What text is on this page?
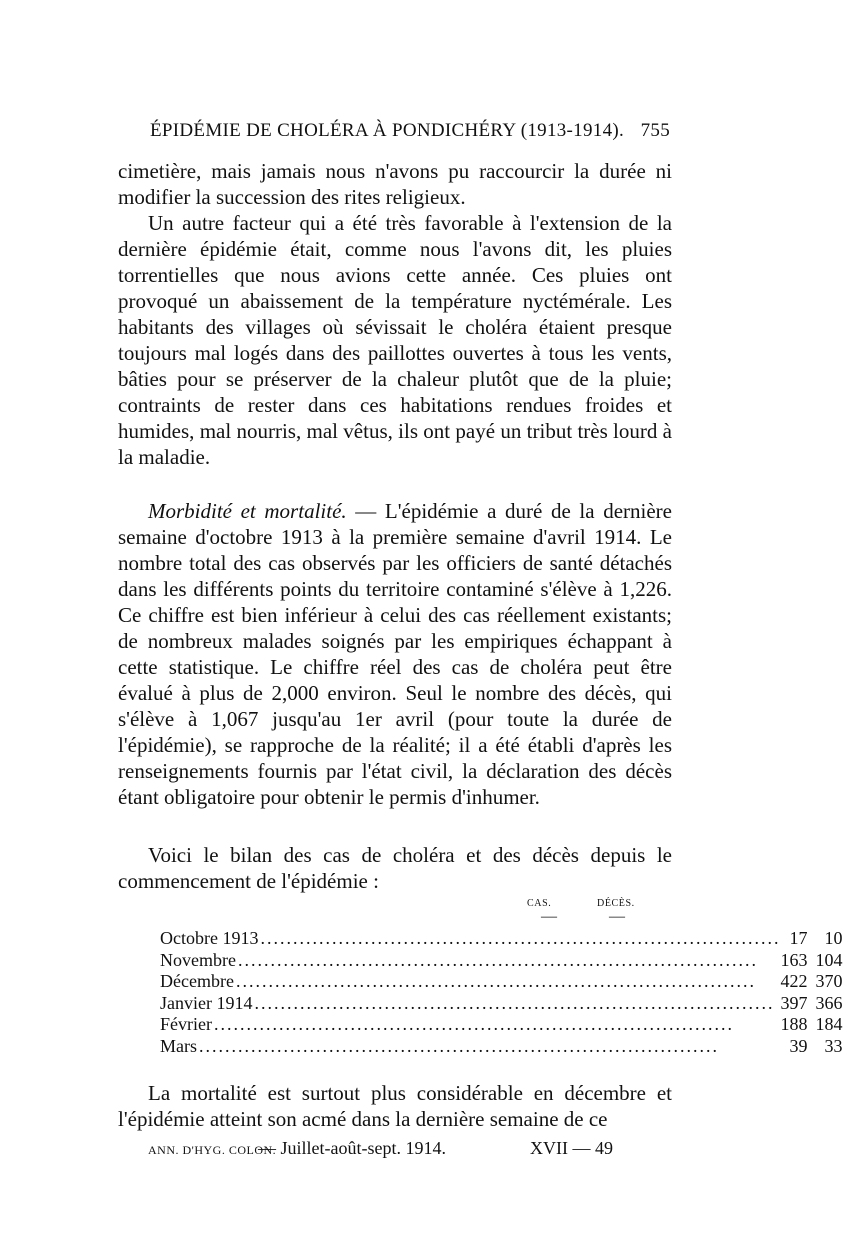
ÉPIDÉMIE DE CHOLÉRA À PONDICHÉRY (1913-1914). 755
cimetière, mais jamais nous n'avons pu raccourcir la durée ni modifier la succession des rites religieux.
Un autre facteur qui a été très favorable à l'extension de la dernière épidémie était, comme nous l'avons dit, les pluies torrentielles que nous avions cette année. Ces pluies ont provoqué un abaissement de la température nyctémérale. Les habitants des villages où sévissait le choléra étaient presque toujours mal logés dans des paillottes ouvertes à tous les vents, bâties pour se préserver de la chaleur plutôt que de la pluie; contraints de rester dans ces habitations rendues froides et humides, mal nourris, mal vêtus, ils ont payé un tribut très lourd à la maladie.
Morbidité et mortalité. — L'épidémie a duré de la dernière semaine d'octobre 1913 à la première semaine d'avril 1914. Le nombre total des cas observés par les officiers de santé détachés dans les différents points du territoire contaminé s'élève à 1,226. Ce chiffre est bien inférieur à celui des cas réellement existants; de nombreux malades soignés par les empiriques échappant à cette statistique. Le chiffre réel des cas de choléra peut être évalué à plus de 2,000 environ. Seul le nombre des décès, qui s'élève à 1,067 jusqu'au 1er avril (pour toute la durée de l'épidémie), se rapproche de la réalité; il a été établi d'après les renseignements fournis par l'état civil, la déclaration des décès étant obligatoire pour obtenir le permis d'inhumer.
Voici le bilan des cas de choléra et des décès depuis le commencement de l'épidémie :
CAS.	DÉCÈS.
—	—
Octobre 1913 ................................................................................	17	10
Novembre ................................................................................	163	104
Décembre ................................................................................	422	370
Janvier 1914 ................................................................................	397	366
Février ................................................................................	188	184
Mars ................................................................................	39	33
La mortalité est surtout plus considérable en décembre et l'épidémie atteint son acmé dans la dernière semaine de ce
ANN. D'HYG. COLON.
— Juillet-août-sept. 1914.	XVII — 49
